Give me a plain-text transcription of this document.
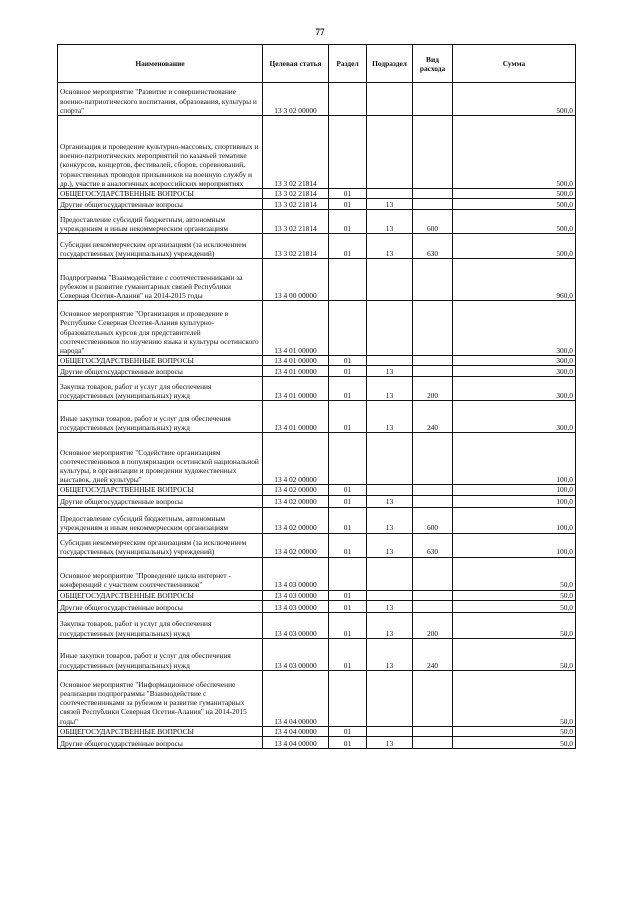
77
Наименование	Целевая статья	Раздел	Подраздел	Вид расхода	Сумма
Основное мероприятие "Развитие и совершенствование военно-патриотического воспитания, образования, культуры и спорта"	13 3 02 00000				500,0
Организация и проведение культурно-массовых, спортивных и военно-патриотических мероприятий по казачьей тематике (конкурсов, концертов, фестивалей, сборов, соревнований, торжественных проводов призывников на военную службу и др.), участие в аналогичных всероссийских мероприятиях	13 3 02 21814				500,0
ОБЩЕГОСУДАРСТВЕННЫЕ ВОПРОСЫ	13 3 02 21814	01			500,0
Другие общегосударственные вопросы	13 3 02 21814	01	13		500,0
Предоставление субсидий бюджетным, автономным учреждениям и иным некоммерческим организациям	13 3 02 21814	01	13	600	500,0
Субсидии некоммерческим организациям (за исключением государственных (муниципальных) учреждений)	13 3 02 21814	01	13	630	500,0
Подпрограмма "Взаимодействие с соотечественниками за рубежом и развитие гуманитарных связей Республики Северная Осетия-Алания" на 2014-2015 годы	13 4 00 00000				960,0
Основное мероприятие "Организация и проведение в Республике Северная Осетия-Алания культурно-образовательных курсов для представителей соотечественников по изучению языка и культуры осетинского народа"	13 4 01 00000				300,0
ОБЩЕГОСУДАРСТВЕННЫЕ ВОПРОСЫ	13 4 01 00000	01			300,0
Другие общегосударственные вопросы	13 4 01 00000	01	13		300,0
Закупка товаров, работ и услуг для обеспечения государственных (муниципальных) нужд	13 4 01 00000	01	13	200	300,0
Иные закупки товаров, работ и услуг для обеспечения государственных (муниципальных) нужд	13 4 01 00000	01	13	240	300,0
Основное мероприятие "Содействие организациям соотечественников в популяризации осетинской национальной культуры, в организации и проведении художественных выставок, дней культуры"	13 4 02 00000				100,0
ОБЩЕГОСУДАРСТВЕННЫЕ ВОПРОСЫ	13 4 02 00000	01			100,0
Другие общегосударственные вопросы	13 4 02 00000	01	13		100,0
Предоставление субсидий бюджетным, автономным учреждениям и иным некоммерческим организациям	13 4 02 00000	01	13	600	100,0
Субсидии некоммерческим организациям (за исключением государственных (муниципальных) учреждений)	13 4 02 00000	01	13	630	100,0
Основное мероприятие "Проведение цикла интернет - конференций с участием соотечественников"	13 4 03 00000				50,0
ОБЩЕГОСУДАРСТВЕННЫЕ ВОПРОСЫ	13 4 03 00000	01			50,0
Другие общегосударственные вопросы	13 4 03 00000	01	13		50,0
Закупка товаров, работ и услуг для обеспечения государственных (муниципальных) нужд	13 4 03 00000	01	13	200	50,0
Иные закупки товаров, работ и услуг для обеспечения государственных (муниципальных) нужд	13 4 03 00000	01	13	240	50,0
Основное мероприятие "Информационное обеспечение реализации подпрограммы "Взаимодействие с соотечественниками за рубежом и развитие гуманитарных связей Республики Северная Осетия-Алания" на 2014-2015 годы"	13 4 04 00000				50,0
ОБЩЕГОСУДАРСТВЕННЫЕ ВОПРОСЫ	13 4 04 00000	01			50,0
Другие общегосударственные вопросы	13 4 04 00000	01	13		50,0
